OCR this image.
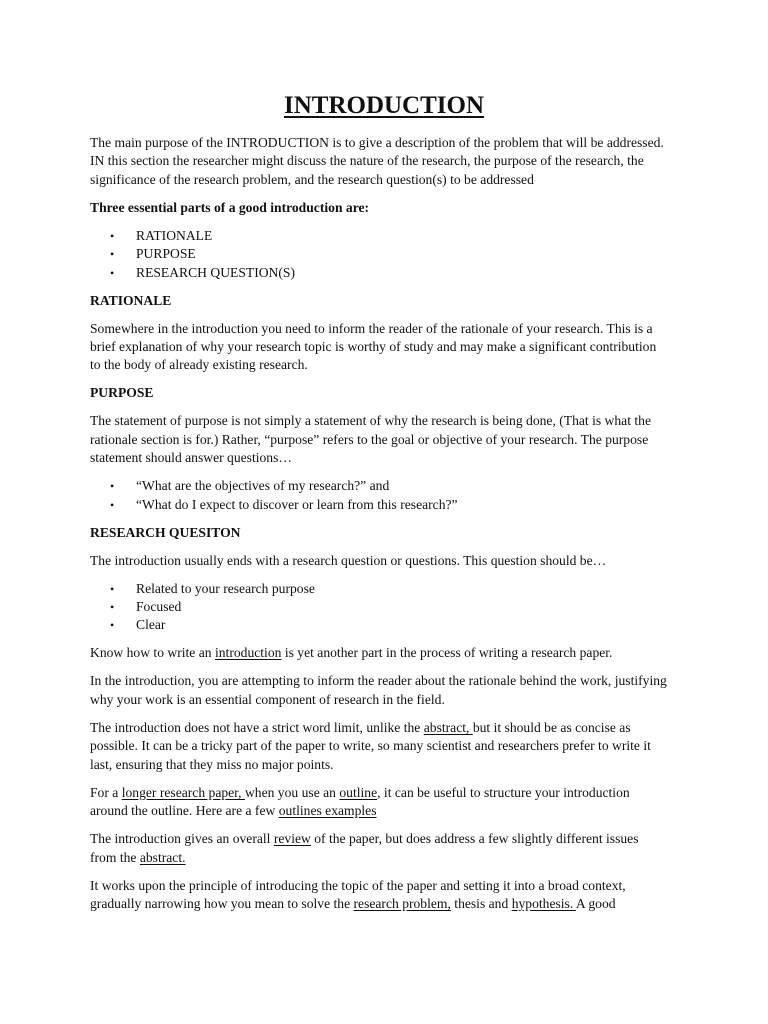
INTRODUCTION

The main purpose of the INTRODUCTION is to give a description of the problem that will be addressed.
IN this section the researcher might discuss the nature of the research, the purpose of the research, the
significance of the research problem, and the research question(s) to be addressed

Three essential parts of a good introduction are:
• RATIONALE
• PURPOSE
• RESEARCH QUESTION(S)
RATIONALE

Somewhere in the introduction you need to inform the reader of the rationale of your research. This is a
brief explanation of why your research topic is worthy of study and may make a significant contribution
to the body of already existing research.

PURPOSE

The statement of purpose is not simply a statement of why the research is being done, (That is what the
rationale section is for.) Rather, “purpose” refers to the goal or objective of your research. The purpose
statement should answer questions…

• “What are the objectives of my research?” and
• “What do I expect to discover or learn from this research?”
RESEARCH QUESITON

The introduction usually ends with a research question or questions. This question should be…

• Related to your research purpose
• Focused
• Clear

Know how to write an introduction is yet another part in the process of writing a research paper.

In the introduction, you are attempting to inform the reader about the rationale behind the work, justifying
why your work is an essential component of research in the field.

The introduction does not have a strict word limit, unlike the abstract, but it should be as concise as
possible. It can be a tricky part of the paper to write, so many scientist and researchers prefer to write it
last, ensuring that they miss no major points.

For a longer research paper, when you use an outline, it can be useful to structure your introduction
around the outline. Here are a few outlines examples

The introduction gives an overall review of the paper, but does address a few slightly different issues
from the abstract.

It works upon the principle of introducing the topic of the paper and setting it into a broad context,
gradually narrowing how you mean to solve the research problem, thesis and hypothesis. A good
